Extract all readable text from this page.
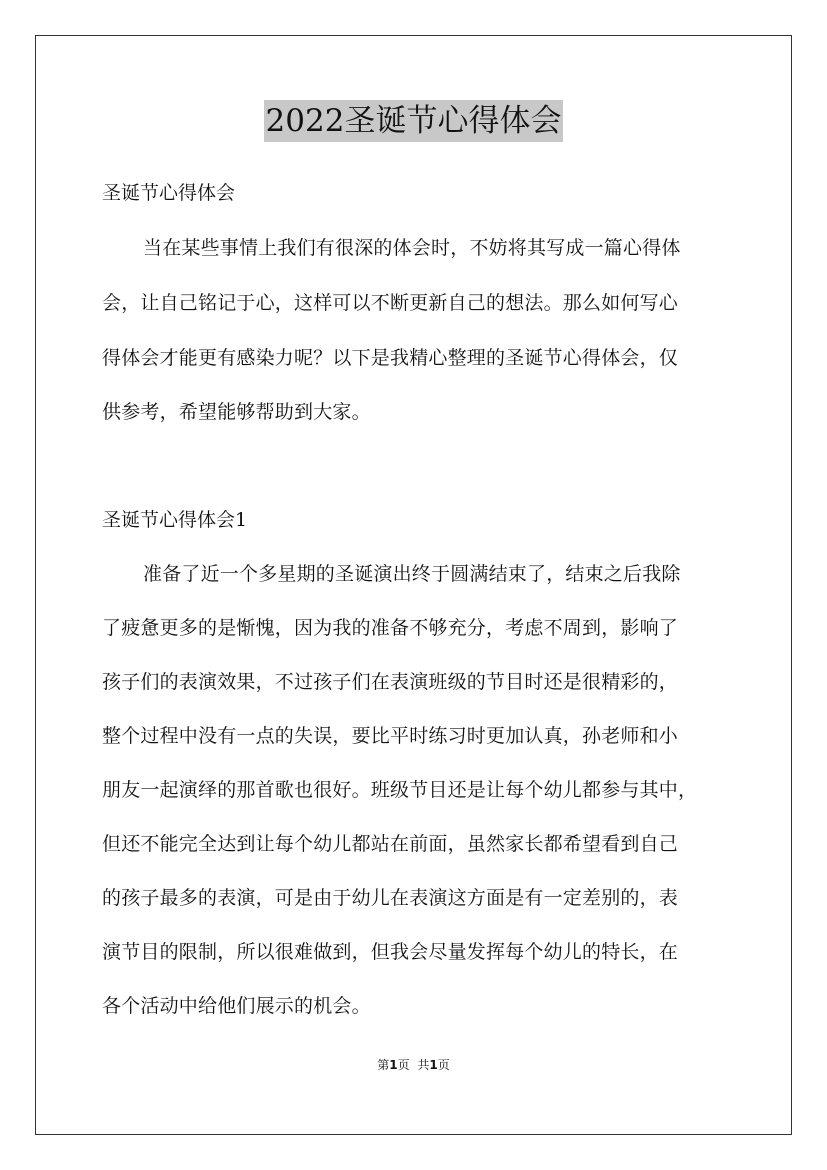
2022圣诞节心得体会
圣诞节心得体会
当在某些事情上我们有很深的体会时，不妨将其写成一篇心得体
会，让自己铭记于心，这样可以不断更新自己的想法。那么如何写心
得体会才能更有感染力呢？以下是我精心整理的圣诞节心得体会，仅
供参考，希望能够帮助到大家。
圣诞节心得体会1
准备了近一个多星期的圣诞演出终于圆满结束了，结束之后我除
了疲惫更多的是惭愧，因为我的准备不够充分，考虑不周到，影响了
孩子们的表演效果，不过孩子们在表演班级的节目时还是很精彩的，
整个过程中没有一点的失误，要比平时练习时更加认真，孙老师和小
朋友一起演绎的那首歌也很好。班级节目还是让每个幼儿都参与其中，
但还不能完全达到让每个幼儿都站在前面，虽然家长都希望看到自己
的孩子最多的表演，可是由于幼儿在表演这方面是有一定差别的，表
演节目的限制，所以很难做到，但我会尽量发挥每个幼儿的特长，在
各个活动中给他们展示的机会。
第1页 共1页
